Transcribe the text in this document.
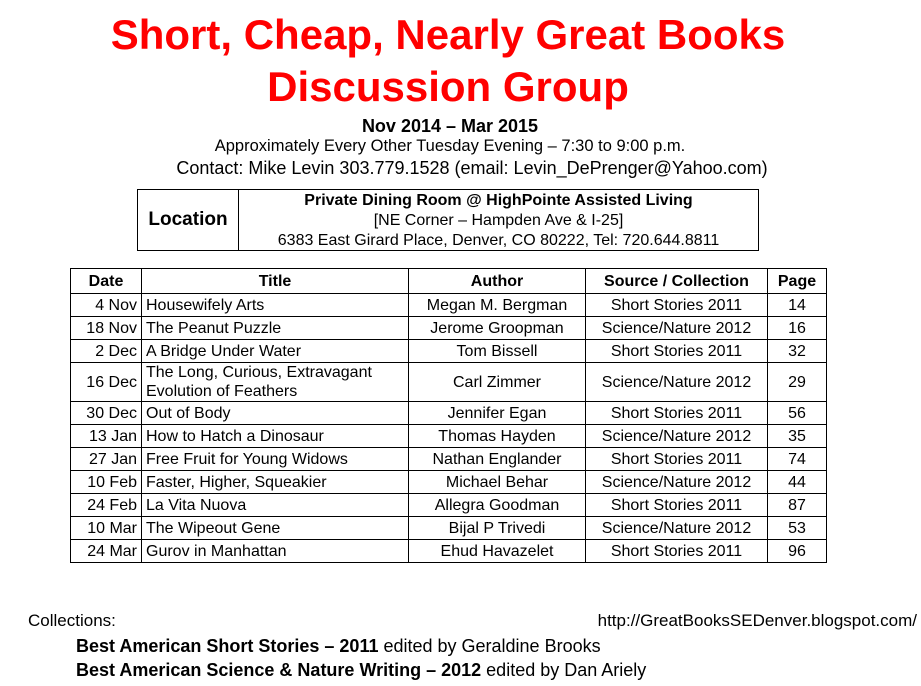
Short, Cheap, Nearly Great Books
Discussion Group
Nov 2014 – Mar 2015
Approximately Every Other Tuesday Evening – 7:30 to 9:00 p.m.
Contact: Mike Levin 303.779.1528 (email: Levin_DePrenger@Yahoo.com)
Location
Private Dining Room @ HighPointe Assisted Living
[NE Corner – Hampden Ave & I-25]
6383 East Girard Place, Denver, CO 80222, Tel: 720.644.8811
Date	Title	Author	Source / Collection	Page
4 Nov	Housewifely Arts	Megan M. Bergman	Short Stories 2011	14
18 Nov	The Peanut Puzzle	Jerome Groopman	Science/Nature 2012	16
2 Dec	A Bridge Under Water	Tom Bissell	Short Stories 2011	32
16 Dec	The Long, Curious, Extravagant Evolution of Feathers	Carl Zimmer	Science/Nature 2012	29
30 Dec	Out of Body	Jennifer Egan	Short Stories 2011	56
13 Jan	How to Hatch a Dinosaur	Thomas Hayden	Science/Nature 2012	35
27 Jan	Free Fruit for Young Widows	Nathan Englander	Short Stories 2011	74
10 Feb	Faster, Higher, Squeakier	Michael Behar	Science/Nature 2012	44
24 Feb	La Vita Nuova	Allegra Goodman	Short Stories 2011	87
10 Mar	The Wipeout Gene	Bijal P Trivedi	Science/Nature 2012	53
24 Mar	Gurov in Manhattan	Ehud Havazelet	Short Stories 2011	96
Collections:	http://GreatBooksSEDenver.blogspot.com/
Best American Short Stories – 2011 edited by Geraldine Brooks
Best American Science & Nature Writing – 2012 edited by Dan Ariely
